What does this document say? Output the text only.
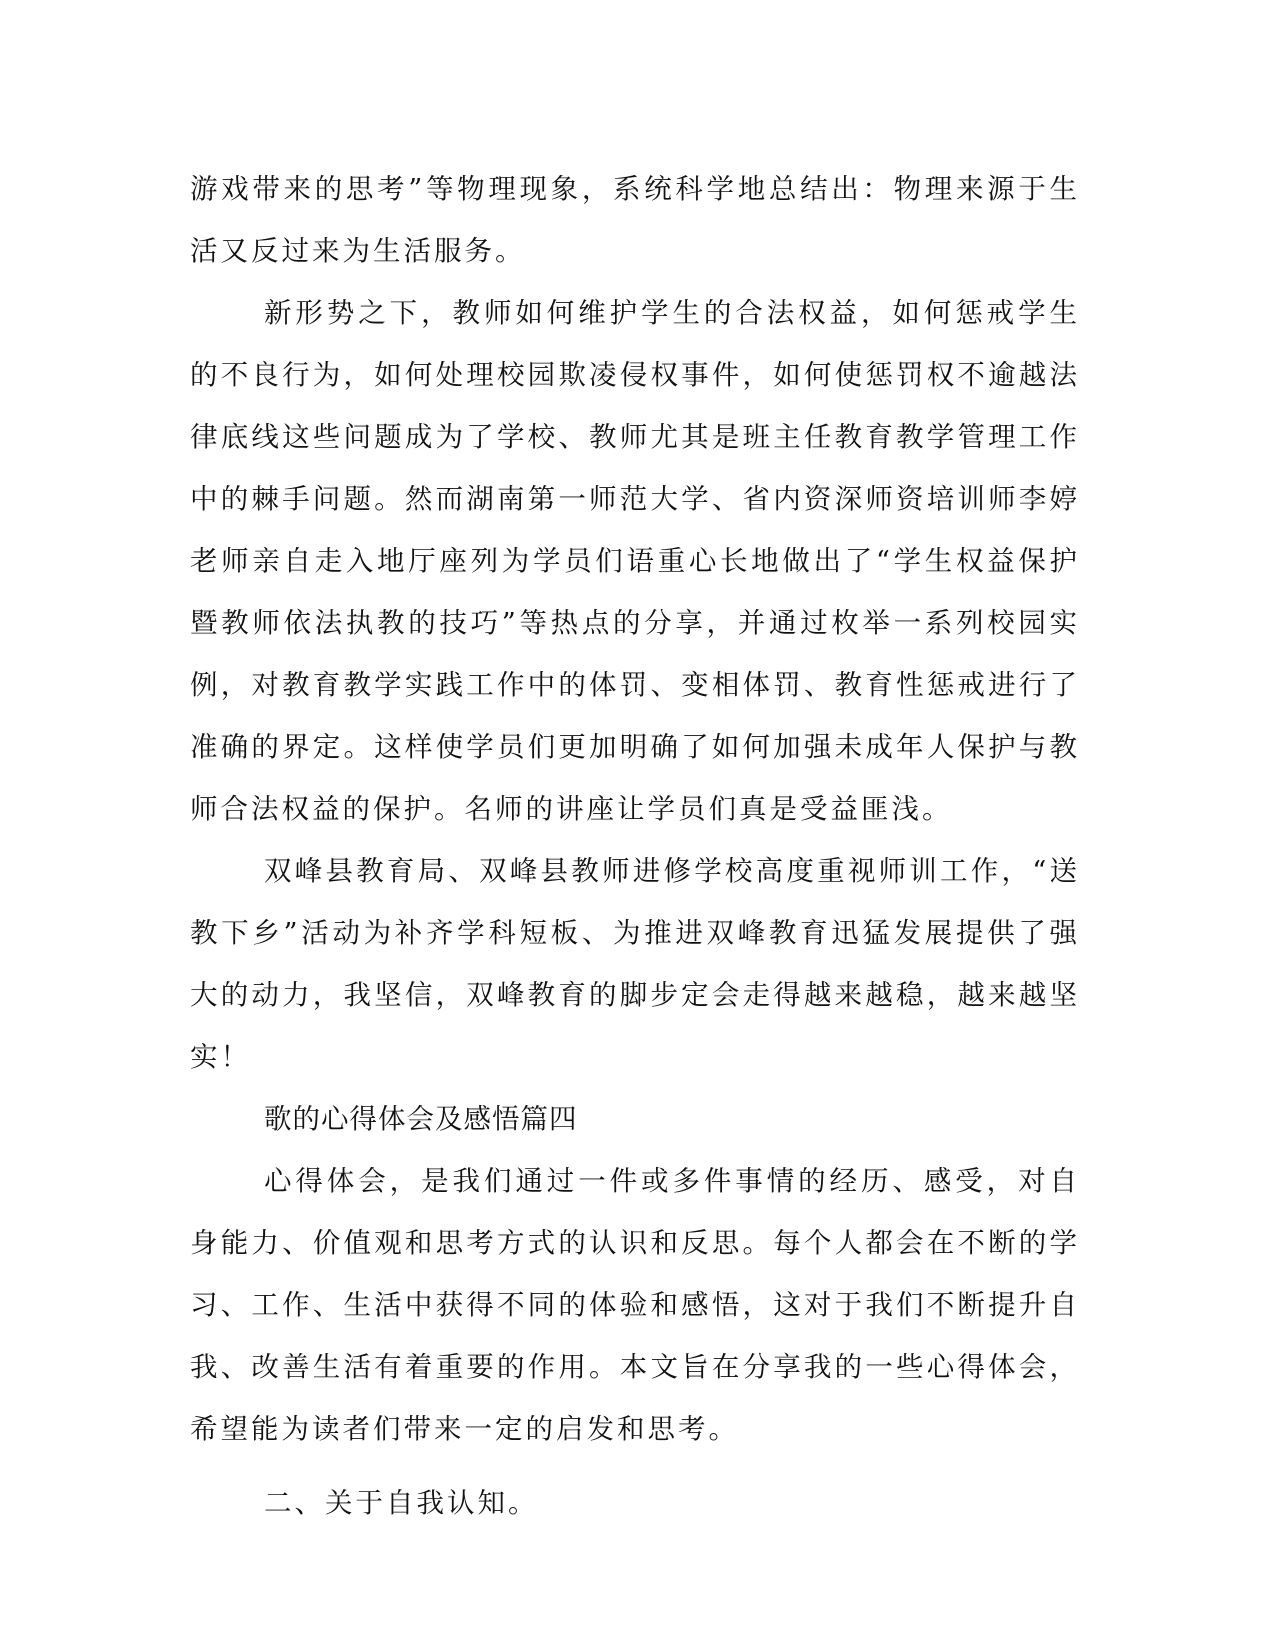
游戏带来的思考”等物理现象，系统科学地总结出：物理来源于生活又反过来为生活服务。

新形势之下，教师如何维护学生的合法权益，如何惩戒学生的不良行为，如何处理校园欺凌侵权事件，如何使惩罚权不逾越法律底线这些问题成为了学校、教师尤其是班主任教育教学管理工作中的棘手问题。然而湖南第一师范大学、省内资深师资培训师李婷老师亲自走入地厅座列为学员们语重心长地做出了“学生权益保护暨教师依法执教的技巧”等热点的分享，并通过枚举一系列校园实例，对教育教学实践工作中的体罚、变相体罚、教育性惩戒进行了准确的界定。这样使学员们更加明确了如何加强未成年人保护与教师合法权益的保护。名师的讲座让学员们真是受益匪浅。

双峰县教育局、双峰县教师进修学校高度重视师训工作，“送教下乡”活动为补齐学科短板、为推进双峰教育迅猛发展提供了强大的动力，我坚信，双峰教育的脚步定会走得越来越稳，越来越坚实！

歌的心得体会及感悟篇四

心得体会，是我们通过一件或多件事情的经历、感受，对自身能力、价值观和思考方式的认识和反思。每个人都会在不断的学习、工作、生活中获得不同的体验和感悟，这对于我们不断提升自我、改善生活有着重要的作用。本文旨在分享我的一些心得体会，希望能为读者们带来一定的启发和思考。

二、关于自我认知。
